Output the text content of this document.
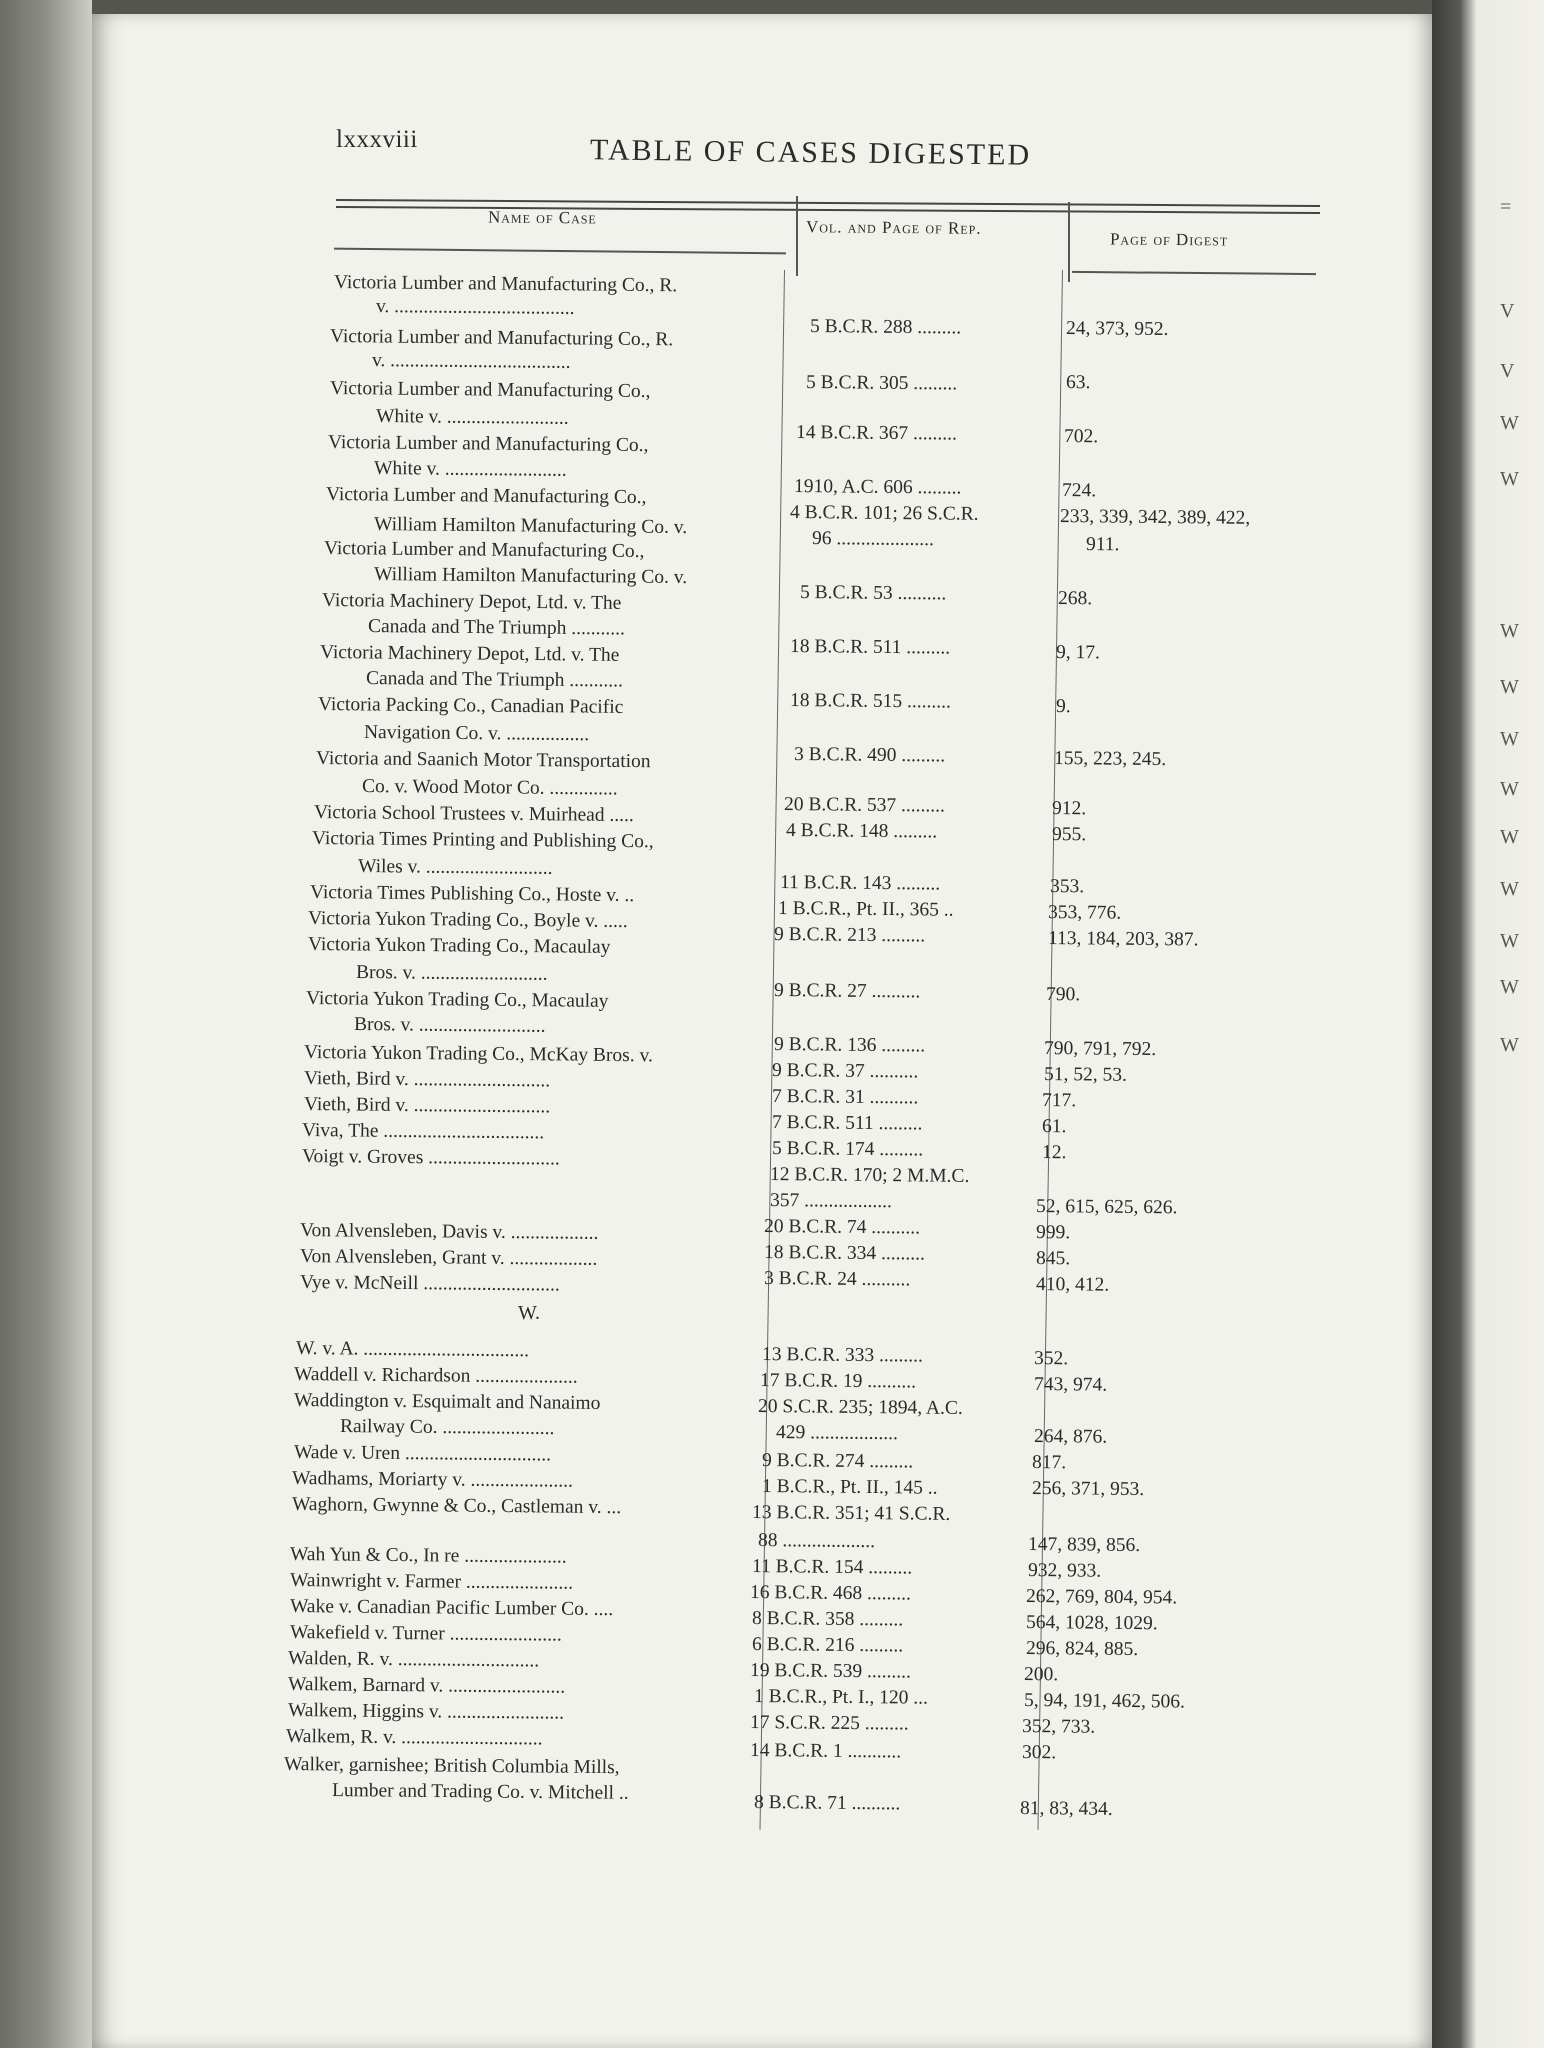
=
V
V
W
W
W
W
W
W
W
W
W
W
W
lxxxviii	TABLE OF CASES DIGESTED
Name of Case	Vol. and Page of Rep.
Page of Digest
W.
Victoria Lumber and Manufacturing Co., R.
v. .....................................
Victoria Lumber and Manufacturing Co., R.
v. .....................................
Victoria Lumber and Manufacturing Co.,
White v. .........................
Victoria Lumber and Manufacturing Co.,
White v. .........................
Victoria Lumber and Manufacturing Co.,
William Hamilton Manufacturing Co. v.
Victoria Lumber and Manufacturing Co.,
William Hamilton Manufacturing Co. v.
Victoria Machinery Depot, Ltd. v. The
Canada and The Triumph ...........
Victoria Machinery Depot, Ltd. v. The
Canada and The Triumph ...........
Victoria Packing Co., Canadian Pacific
Navigation Co. v. .................
Victoria and Saanich Motor Transportation
Co. v. Wood Motor Co. ..............
Victoria School Trustees v. Muirhead .....
Victoria Times Printing and Publishing Co.,
Wiles v. ..........................
Victoria Times Publishing Co., Hoste v. ..
Victoria Yukon Trading Co., Boyle v. .....
Victoria Yukon Trading Co., Macaulay
Bros. v. ..........................
Victoria Yukon Trading Co., Macaulay
Bros. v. ..........................
Victoria Yukon Trading Co., McKay Bros. v.
Vieth, Bird v. ............................
Vieth, Bird v. ............................
Viva, The .................................
Voigt v. Groves ...........................
Von Alvensleben, Davis v. ..................
Von Alvensleben, Grant v. ..................
Vye v. McNeill ............................
W. v. A. ..................................
Waddell v. Richardson .....................
Waddington v. Esquimalt and Nanaimo
Railway Co. .......................
Wade v. Uren ..............................
Wadhams, Moriarty v. .....................
Waghorn, Gwynne & Co., Castleman v. ...
Wah Yun & Co., In re .....................
Wainwright v. Farmer ......................
Wake v. Canadian Pacific Lumber Co. ....
Wakefield v. Turner .......................
Walden, R. v. .............................
Walkem, Barnard v. ........................
Walkem, Higgins v. ........................
Walkem, R. v. .............................
Walker, garnishee; British Columbia Mills,
Lumber and Trading Co. v. Mitchell ..
5 B.C.R. 288 .........
5 B.C.R. 305 .........
14 B.C.R. 367 .........
1910, A.C. 606 .........
4 B.C.R. 101; 26 S.C.R.
96 ....................
5 B.C.R. 53 ..........
18 B.C.R. 511 .........
18 B.C.R. 515 .........
3 B.C.R. 490 .........
20 B.C.R. 537 .........
4 B.C.R. 148 .........
11 B.C.R. 143 .........
1 B.C.R., Pt. II., 365 ..
9 B.C.R. 213 .........
9 B.C.R. 27 ..........
9 B.C.R. 136 .........
9 B.C.R. 37 ..........
7 B.C.R. 31 ..........
7 B.C.R. 511 .........
5 B.C.R. 174 .........
12 B.C.R. 170; 2 M.M.C.
357 ..................
20 B.C.R. 74 ..........
18 B.C.R. 334 .........
3 B.C.R. 24 ..........
13 B.C.R. 333 .........
17 B.C.R. 19 ..........
20 S.C.R. 235; 1894, A.C.
429 ..................
9 B.C.R. 274 .........
1 B.C.R., Pt. II., 145 ..
13 B.C.R. 351; 41 S.C.R.
88 ...................
11 B.C.R. 154 .........
16 B.C.R. 468 .........
8 B.C.R. 358 .........
6 B.C.R. 216 .........
19 B.C.R. 539 .........
1 B.C.R., Pt. I., 120 ...
17 S.C.R. 225 .........
14 B.C.R. 1 ...........
8 B.C.R. 71 ..........
24, 373, 952.
63.
702.
724.
233, 339, 342, 389, 422,
911.
268.
9, 17.
9.
155, 223, 245.
912.
955.
353.
353, 776.
113, 184, 203, 387.
790.
790, 791, 792.
51, 52, 53.
717.
61.
12.
52, 615, 625, 626.
999.
845.
410, 412.
352.
743, 974.
264, 876.
817.
256, 371, 953.
147, 839, 856.
932, 933.
262, 769, 804, 954.
564, 1028, 1029.
296, 824, 885.
200.
5, 94, 191, 462, 506.
352, 733.
302.
81, 83, 434.
